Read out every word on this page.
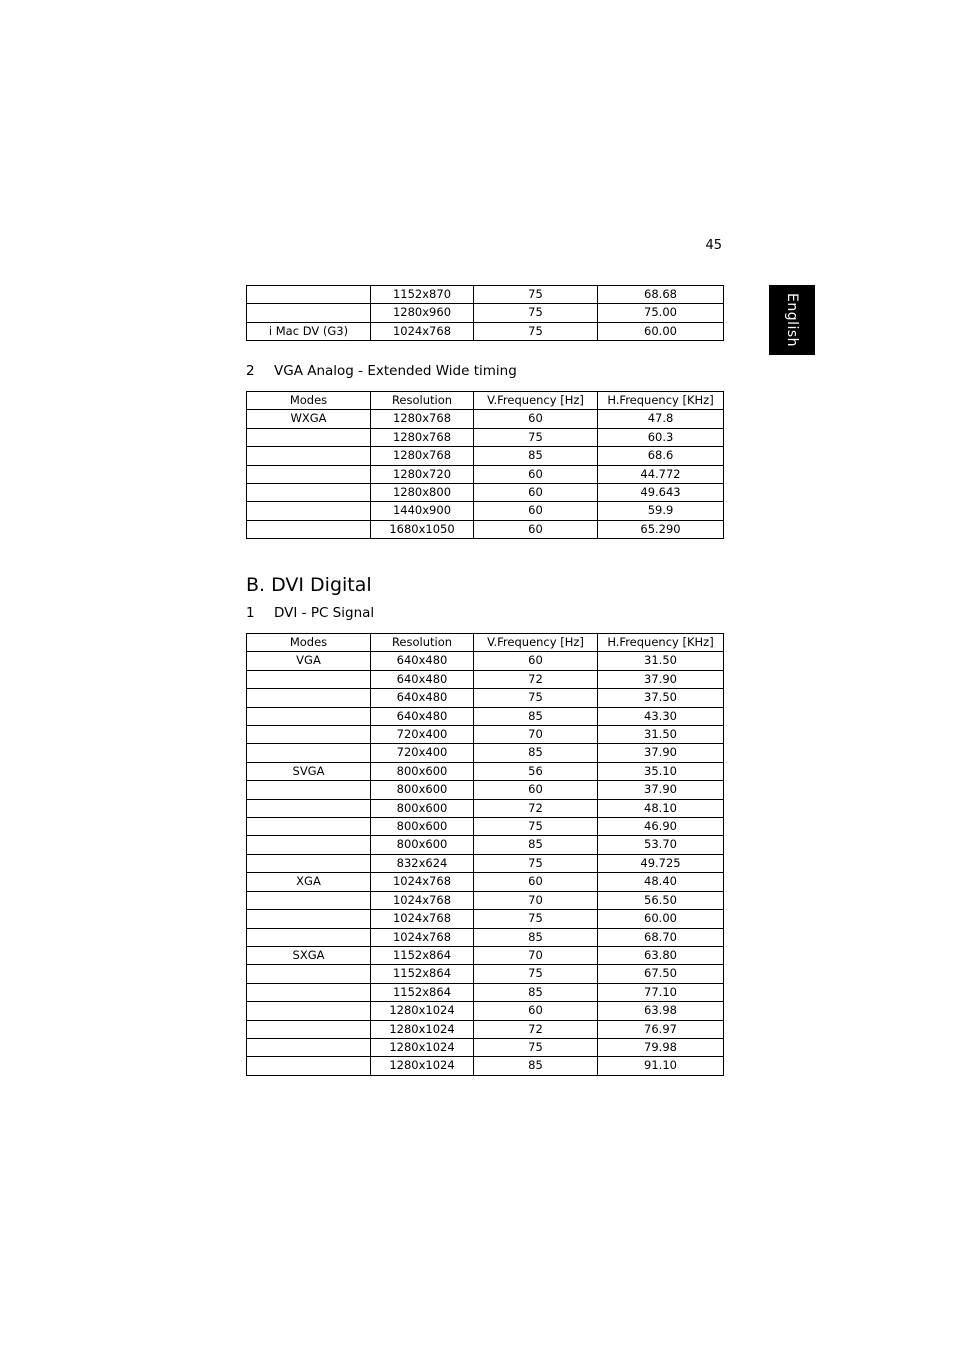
45
English
	1152x870	75	68.68
	1280x960	75	75.00
i Mac DV (G3)	1024x768	75	60.00
2 VGA Analog - Extended Wide timing
Modes	Resolution	V.Frequency [Hz]	H.Frequency [KHz]
WXGA	1280x768	60	47.8
	1280x768	75	60.3
	1280x768	85	68.6
	1280x720	60	44.772
	1280x800	60	49.643
	1440x900	60	59.9
	1680x1050	60	65.290
B. DVI Digital
1 DVI - PC Signal
Modes	Resolution	V.Frequency [Hz]	H.Frequency [KHz]
VGA	640x480	60	31.50
	640x480	72	37.90
	640x480	75	37.50
	640x480	85	43.30
	720x400	70	31.50
	720x400	85	37.90
SVGA	800x600	56	35.10
	800x600	60	37.90
	800x600	72	48.10
	800x600	75	46.90
	800x600	85	53.70
	832x624	75	49.725
XGA	1024x768	60	48.40
	1024x768	70	56.50
	1024x768	75	60.00
	1024x768	85	68.70
SXGA	1152x864	70	63.80
	1152x864	75	67.50
	1152x864	85	77.10
	1280x1024	60	63.98
	1280x1024	72	76.97
	1280x1024	75	79.98
	1280x1024	85	91.10
